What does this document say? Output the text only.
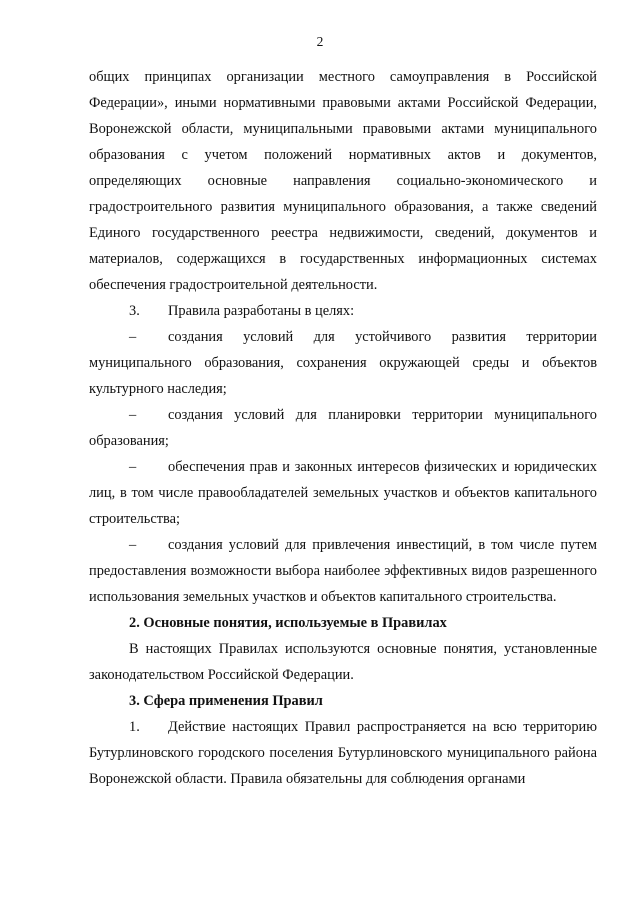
2

общих принципах организации местного самоуправления в Российской Федерации», иными нормативными правовыми актами Российской Федерации, Воронежской области, муниципальными правовыми актами муниципального образования с учетом положений нормативных актов и документов, определяющих основные направления социально-экономического и градостроительного развития муниципального образования, а также сведений Единого государственного реестра недвижимости, сведений, документов и материалов, содержащихся в государственных информационных системах обеспечения градостроительной деятельности.

3. Правила разработаны в целях:

– создания условий для устойчивого развития территории муниципального образования, сохранения окружающей среды и объектов культурного наследия;

– создания условий для планировки территории муниципального образования;

– обеспечения прав и законных интересов физических и юридических лиц, в том числе правообладателей земельных участков и объектов капитального строительства;

– создания условий для привлечения инвестиций, в том числе путем предоставления возможности выбора наиболее эффективных видов разрешенного использования земельных участков и объектов капитального строительства.

2. Основные понятия, используемые в Правилах

В настоящих Правилах используются основные понятия, установленные законодательством Российской Федерации.

3. Сфера применения Правил

1. Действие настоящих Правил распространяется на всю территорию Бутурлиновского городского поселения Бутурлиновского муниципального района Воронежской области. Правила обязательны для соблюдения органами
